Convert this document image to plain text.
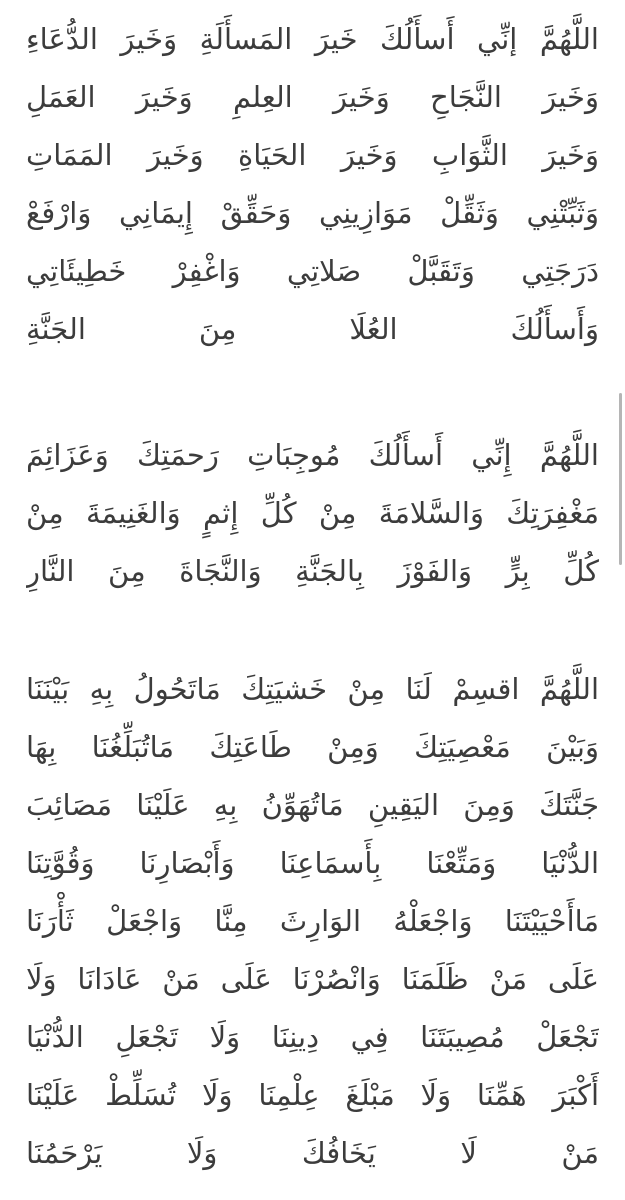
اللَّهُمَّ إنِّي أَسأَلُكَ خَيرَ المَسأَلَةِ وَخَيرَ الدُّعَاءِ
وَخَيرَ النَّجَاحِ وَخَيرَ العِلمِ وَخَيرَ العَمَلِ
وَخَيرَ الثَّوَابِ وَخَيرَ الحَيَاةِ وَخَيرَ المَمَاتِ
وَثَبِّتْنِي وَثَقِّلْ مَوَازِينِي وَحَقِّقْ إِيمَانِي وَارْفَعْ
دَرَجَتِي وَتَقَبَّلْ صَلاتِي وَاغْفِرْ خَطِيئَاتِي
وَأَسأَلُكَ العُلَا مِنَ الجَنَّةِ
اللَّهُمَّ إِنِّي أَسأَلُكَ مُوجِبَاتِ رَحمَتِكَ وَعَزَائِمَ
مَغْفِرَتِكَ وَالسَّلامَةَ مِنْ كُلِّ إِثمٍ وَالغَنِيمَةَ مِنْ
كُلِّ بِرٍّ وَالفَوْزَ بِالجَنَّةِ وَالنَّجَاةَ مِنَ النَّارِ
اللَّهُمَّ اقسِمْ لَنَا مِنْ خَشيَتِكَ مَاتَحُولُ بِهِ بَيْنَنَا
وَبَيْنَ مَعْصِيَتِكَ وَمِنْ طَاعَتِكَ مَاتُبَلِّغُنَا بِهَا
جَنَّتَكَ وَمِنَ اليَقِينِ مَاتُهَوِّنُ بِهِ عَلَيْنَا مَصَائِبَ
الدُّنْيَا وَمَتِّعْنَا بِأَسمَاعِنَا وَأَبْصَارِنَا وَقُوَّتِنَا
مَاأَحْيَيْتَنَا وَاجْعَلْهُ الوَارِثَ مِنَّا وَاجْعَلْ ثَأْرَنَا
عَلَى مَنْ ظَلَمَنَا وَانْصُرْنَا عَلَى مَنْ عَادَانَا وَلَا
تَجْعَلْ مُصِيبَتَنَا فِي دِينِنَا وَلَا تَجْعَلِ الدُّنْيَا
أَكْبَرَ هَمِّنَا وَلَا مَبْلَغَ عِلْمِنَا وَلَا تُسَلِّطْ عَلَيْنَا
مَنْ لَا يَخَافُكَ وَلَا يَرْحَمُنَا
